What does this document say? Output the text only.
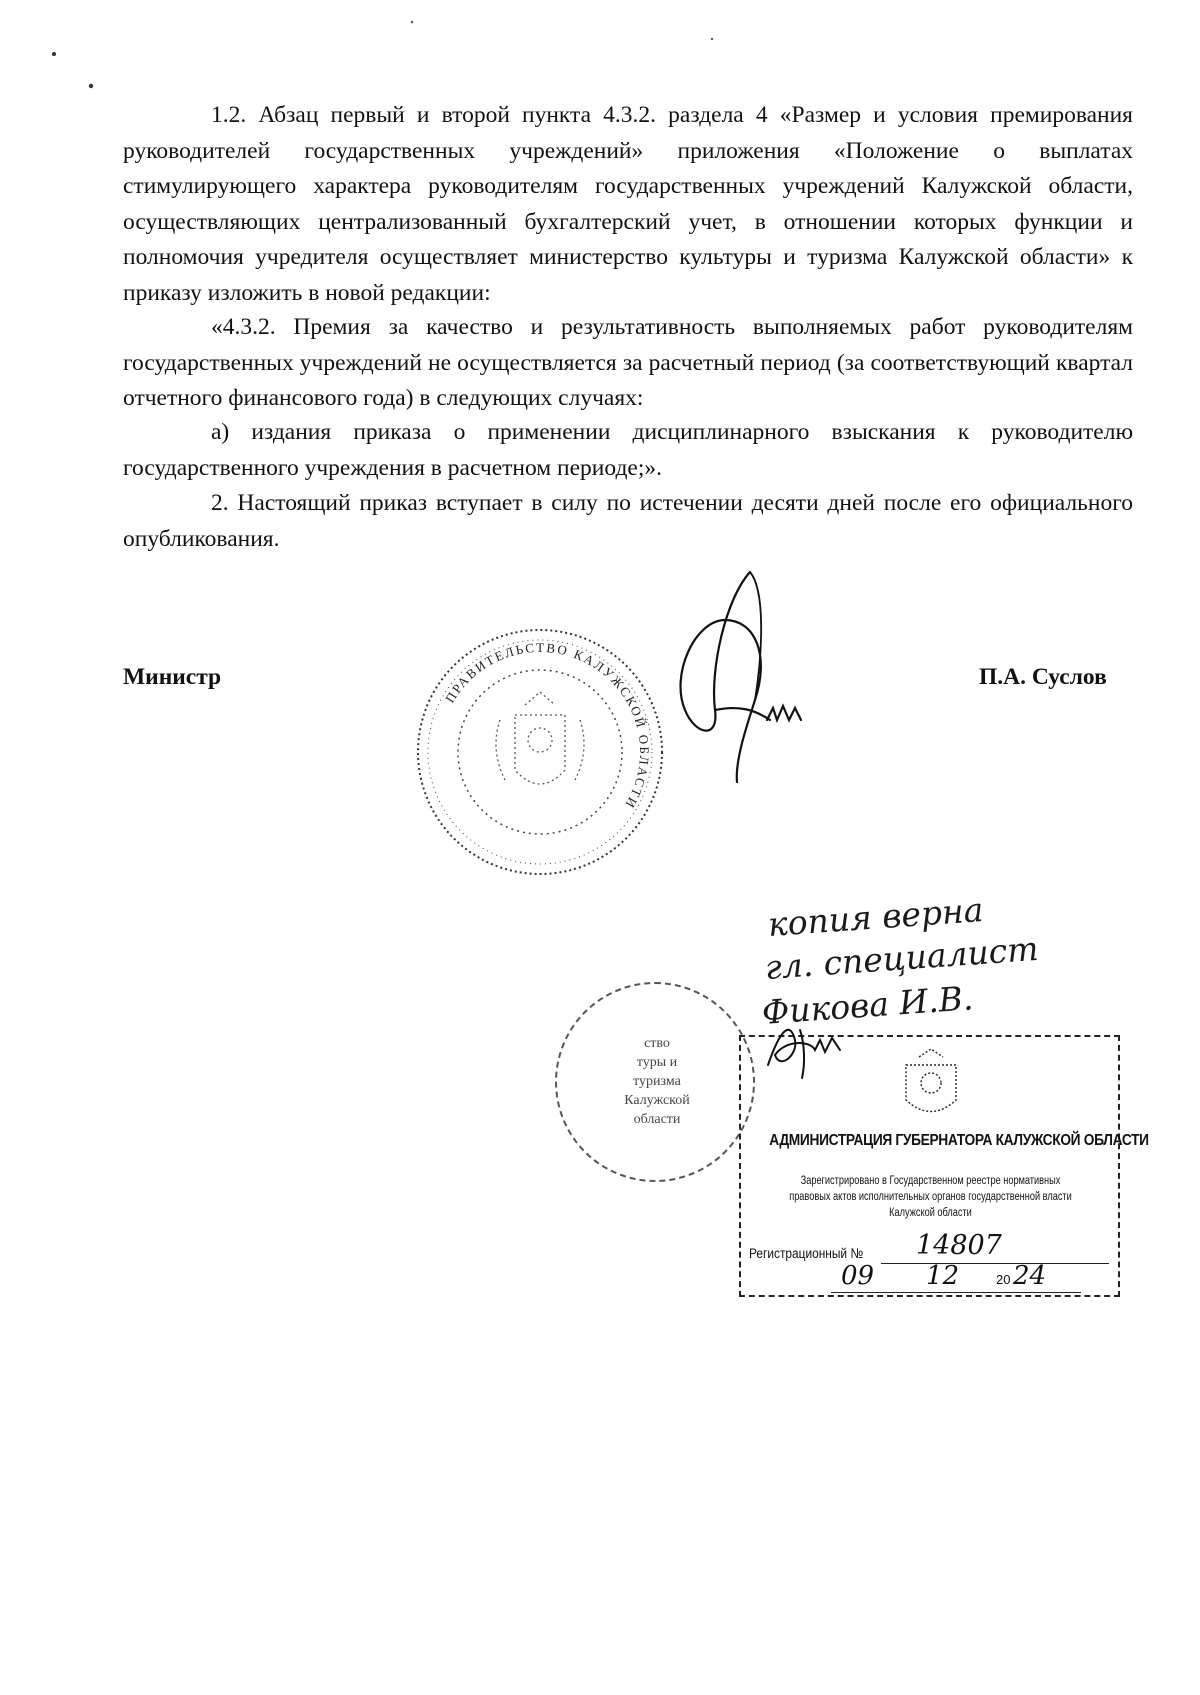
1.2. Абзац первый и второй пункта 4.3.2. раздела 4 «Размер и условия премирования руководителей государственных учреждений» приложения «Положение о выплатах стимулирующего характера руководителям государственных учреждений Калужской области, осуществляющих централизованный бухгалтерский учет, в отношении которых функции и полномочия учредителя осуществляет министерство культуры и туризма Калужской области» к приказу изложить в новой редакции:

«4.3.2. Премия за качество и результативность выполняемых работ руководителям государственных учреждений не осуществляется за расчетный период (за соответствующий квартал отчетного финансового года) в следующих случаях:

а) издания приказа о применении дисциплинарного взыскания к руководителю государственного учреждения в расчетном периоде;».

2. Настоящий приказ вступает в силу по истечении десяти дней после его официального опубликования.

Министр	П.А. Суслов
ПРАВИТЕЛЬСТВО КАЛУЖСКОЙ ОБЛАСТИ
копия верна
гл. специалист
Фикова И.В.
ство
туры и
туризма
Калужской
области
АДМИНИСТРАЦИЯ ГУБЕРНАТОРА КАЛУЖСКОЙ ОБЛАСТИ
Зарегистрировано в Государственном реестре нормативных
правовых актов исполнительных органов государственной власти
Калужской области
Регистрационный № 14807
09 12	20 24
